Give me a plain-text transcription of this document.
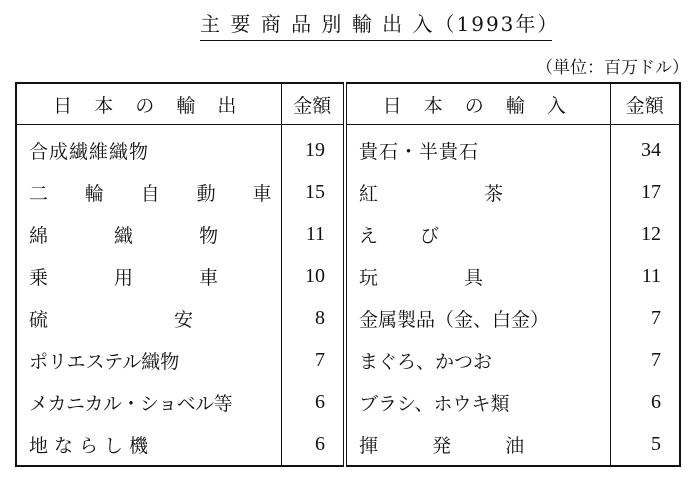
主 要 商 品 別 輸 出 入（1993年）
（単位：百万ドル）
日 本 の 輸 出	金額	日 本 の 輸 入	金額
合成繊維織物	19	貴石・半貴石	34
二輪自動車	15	紅 茶	17
綿 織 物	11	え び	12
乗 用 車	10	玩 具	11
硫 安	8	金属製品（金、白金）	7
ポリエステル織物	7	まぐろ、かつお	7
メカニカル・ショベル等	6	ブラシ、ホウキ類	6
地ならし機	6	揮 発 油	5
